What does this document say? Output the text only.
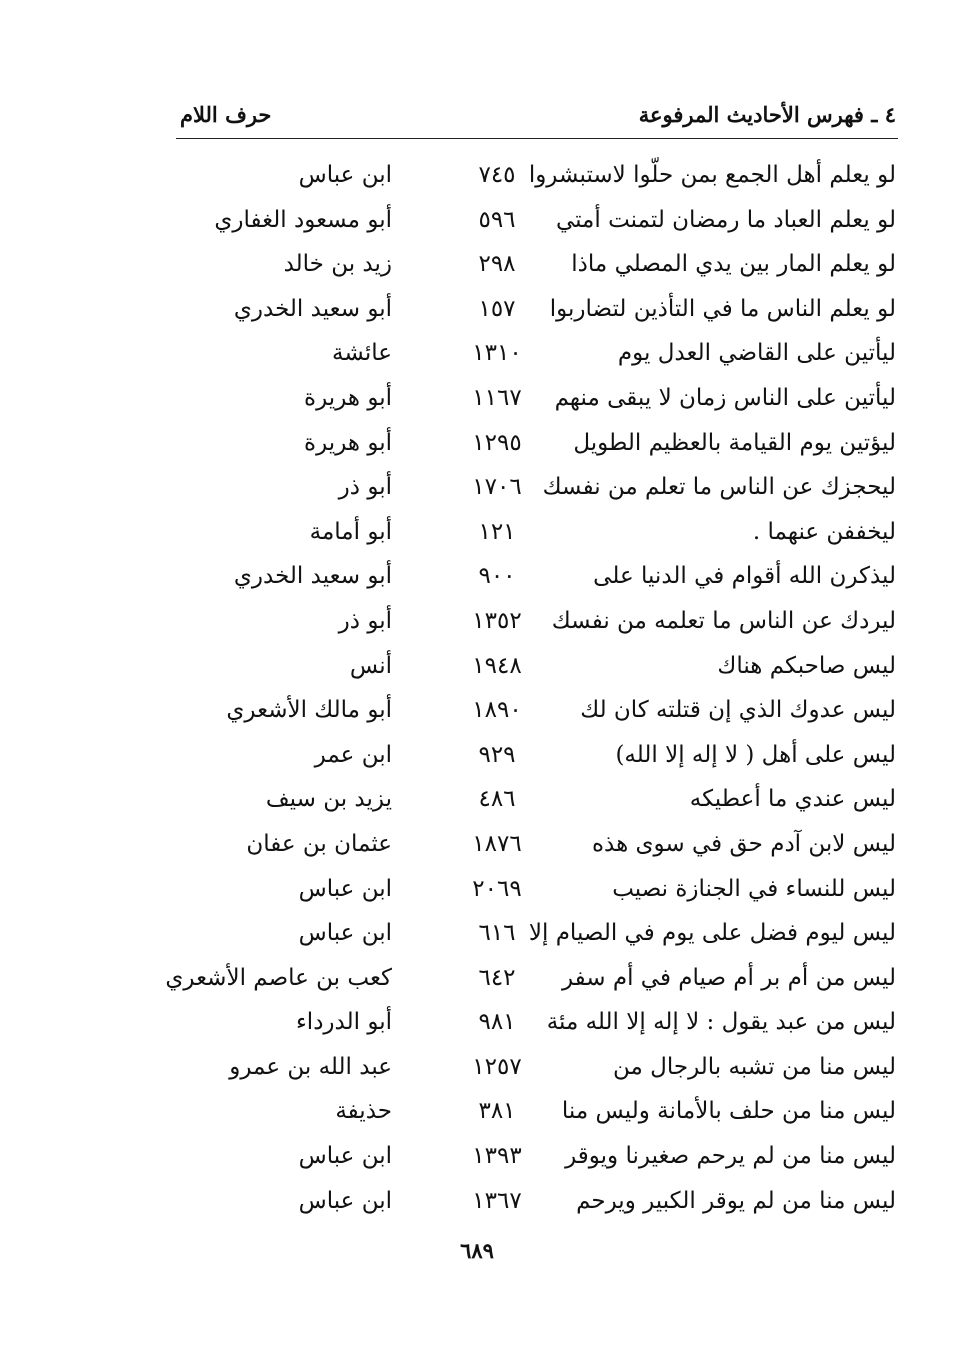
٤ ـ فهرس الأحاديث المرفوعة
حرف اللام
لو يعلم أهل الجمع بمن حلّوا لاستبشروا
٧٤٥
ابن عباس
لو يعلم العباد ما رمضان لتمنت أمتي
٥٩٦
أبو مسعود الغفاري
لو يعلم المار بين يدي المصلي ماذا
٢٩٨
زيد بن خالد
لو يعلم الناس ما في التأذين لتضاربوا
١٥٧
أبو سعيد الخدري
ليأتين على القاضي العدل يوم
١٣١٠
عائشة
ليأتين على الناس زمان لا يبقى منهم
١١٦٧
أبو هريرة
ليؤتين يوم القيامة بالعظيم الطويل
١٢٩٥
أبو هريرة
ليحجزك عن الناس ما تعلم من نفسك
١٧٠٦
أبو ذر
ليخففن عنهما .
١٢١
أبو أمامة
ليذكرن الله أقوام في الدنيا على
٩٠٠
أبو سعيد الخدري
ليردك عن الناس ما تعلمه من نفسك
١٣٥٢
أبو ذر
ليس صاحبكم هناك
١٩٤٨
أنس
ليس عدوك الذي إن قتلته كان لك
١٨٩٠
أبو مالك الأشعري
ليس على أهل ( لا إله إلا الله)
٩٢٩
ابن عمر
ليس عندي ما أعطيكه
٤٨٦
يزيد بن سيف
ليس لابن آدم حق في سوى هذه
١٨٧٦
عثمان بن عفان
ليس للنساء في الجنازة نصيب
٢٠٦٩
ابن عباس
ليس ليوم فضل على يوم في الصيام إلا
٦١٦
ابن عباس
ليس من أم بر أم صيام في أم سفر
٦٤٢
كعب بن عاصم الأشعري
ليس من عبد يقول : لا إله إلا الله مئة
٩٨١
أبو الدرداء
ليس منا من تشبه بالرجال من
١٢٥٧
عبد الله بن عمرو
ليس منا من حلف بالأمانة وليس منا
٣٨١
حذيفة
ليس منا من لم يرحم صغيرنا ويوقر
١٣٩٣
ابن عباس
ليس منا من لم يوقر الكبير ويرحم
١٣٦٧
ابن عباس
٦٨٩
